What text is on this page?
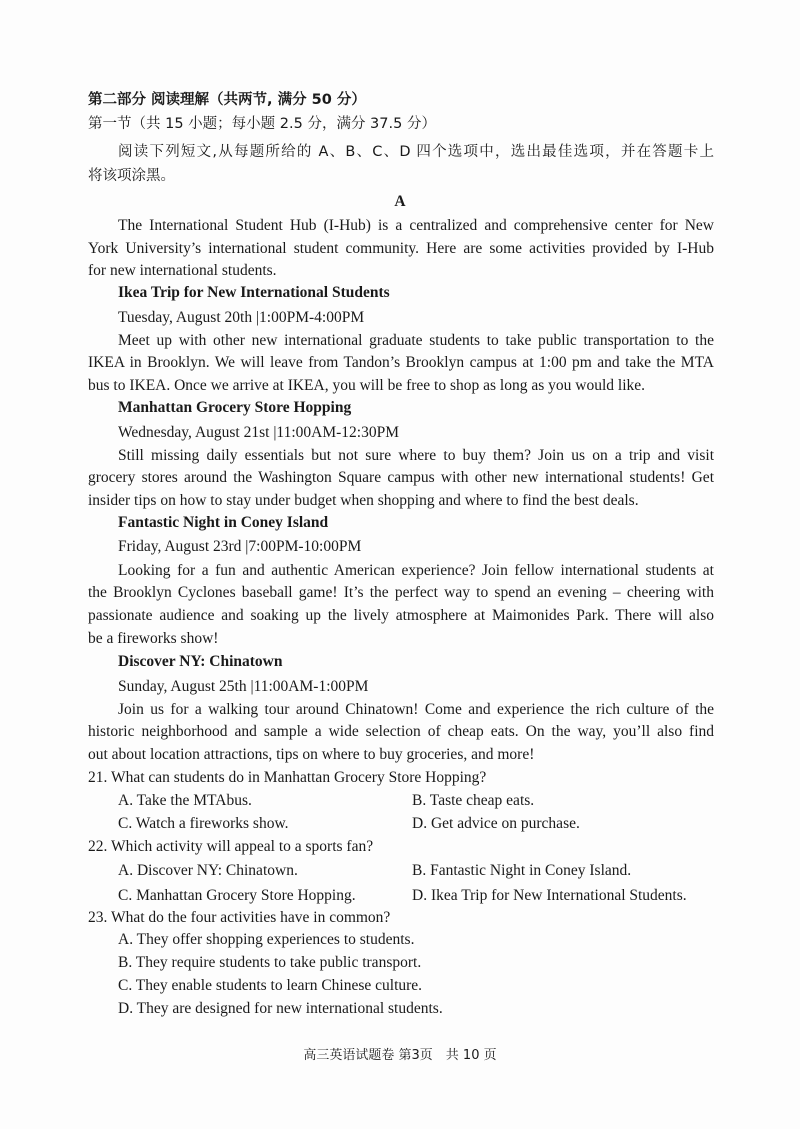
第二部分 阅读理解（共两节, 满分 50 分）
第一节（共 15 小题；每小题 2.5 分，满分 37.5 分）
阅读下列短文,从每题所给的 A、B、C、D 四个选项中，选出最佳选项，并在答题卡上
将该项涂黑。
A
The International Student Hub (I-Hub) is a centralized and comprehensive center for New
York University’s international student community. Here are some activities provided by I-Hub
for new international students.
Ikea Trip for New International Students
Tuesday, August 20th |1:00PM-4:00PM
Meet up with other new international graduate students to take public transportation to the
IKEA in Brooklyn. We will leave from Tandon’s Brooklyn campus at 1:00 pm and take the MTA
bus to IKEA. Once we arrive at IKEA, you will be free to shop as long as you would like.
Manhattan Grocery Store Hopping
Wednesday, August 21st |11:00AM-12:30PM
Still missing daily essentials but not sure where to buy them? Join us on a trip and visit
grocery stores around the Washington Square campus with other new international students! Get
insider tips on how to stay under budget when shopping and where to find the best deals.
Fantastic Night in Coney Island
Friday, August 23rd |7:00PM-10:00PM
Looking for a fun and authentic American experience? Join fellow international students at
the Brooklyn Cyclones baseball game! It’s the perfect way to spend an evening – cheering with
passionate audience and soaking up the lively atmosphere at Maimonides Park. There will also
be a fireworks show!
Discover NY: Chinatown
Sunday, August 25th |11:00AM-1:00PM
Join us for a walking tour around Chinatown! Come and experience the rich culture of the
historic neighborhood and sample a wide selection of cheap eats. On the way, you’ll also find
out about location attractions, tips on where to buy groceries, and more!
21. What can students do in Manhattan Grocery Store Hopping?
A. Take the MTAbus.	B. Taste cheap eats.
C. Watch a fireworks show.	D. Get advice on purchase.
22. Which activity will appeal to a sports fan?
A. Discover NY: Chinatown.	B. Fantastic Night in Coney Island.
C. Manhattan Grocery Store Hopping.	D. Ikea Trip for New International Students.
23. What do the four activities have in common?
A. They offer shopping experiences to students.
B. They require students to take public transport.
C. They enable students to learn Chinese culture.
D. They are designed for new international students.
高三英语试题卷 第3页　共 10 页
